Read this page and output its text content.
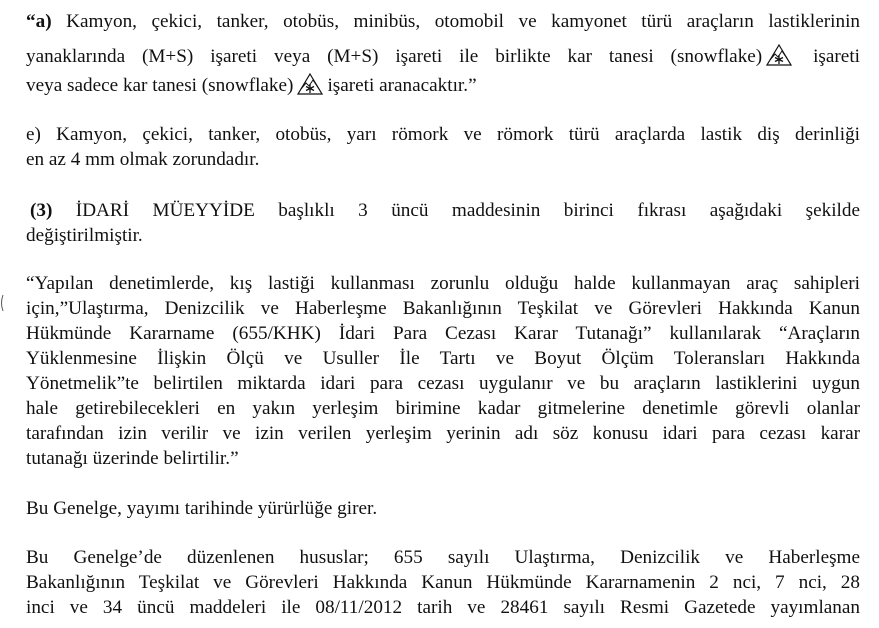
“a) Kamyon, çekici, tanker, otobüs, minibüs, otomobil ve kamyonet türü araçların lastiklerinin
yanaklarında (M+S) işareti veya (M+S) işareti ile birlikte kar tanesi (snowflake)
işareti
veya sadece kar tanesi (snowflake) işareti aranacaktır.”
e) Kamyon, çekici, tanker, otobüs, yarı römork ve römork türü araçlarda lastik diş derinliği
en az 4 mm olmak zorundadır.
(3) İDARİ MÜEYYİDE başlıklı 3 üncü maddesinin birinci fıkrası aşağıdaki şekilde
değiştirilmiştir.
“Yapılan denetimlerde, kış lastiği kullanması zorunlu olduğu halde kullanmayan araç sahipleri
için,”Ulaştırma, Denizcilik ve Haberleşme Bakanlığının Teşkilat ve Görevleri Hakkında Kanun
Hükmünde Kararname (655/KHK) İdari Para Cezası Karar Tutanağı” kullanılarak “Araçların
Yüklenmesine İlişkin Ölçü ve Usuller İle Tartı ve Boyut Ölçüm Toleransları Hakkında
Yönetmelik”te belirtilen miktarda idari para cezası uygulanır ve bu araçların lastiklerini uygun
hale getirebilecekleri en yakın yerleşim birimine kadar gitmelerine denetimle görevli olanlar
tarafından izin verilir ve izin verilen yerleşim yerinin adı söz konusu idari para cezası karar
tutanağı üzerinde belirtilir.”
Bu Genelge, yayımı tarihinde yürürlüğe girer.
Bu Genelge’de düzenlenen hususlar; 655 sayılı Ulaştırma, Denizcilik ve Haberleşme
Bakanlığının Teşkilat ve Görevleri Hakkında Kanun Hükmünde Kararnamenin 2 nci, 7 nci, 28
inci ve 34 üncü maddeleri ile 08/11/2012 tarih ve 28461 sayılı Resmi Gazetede yayımlanan
